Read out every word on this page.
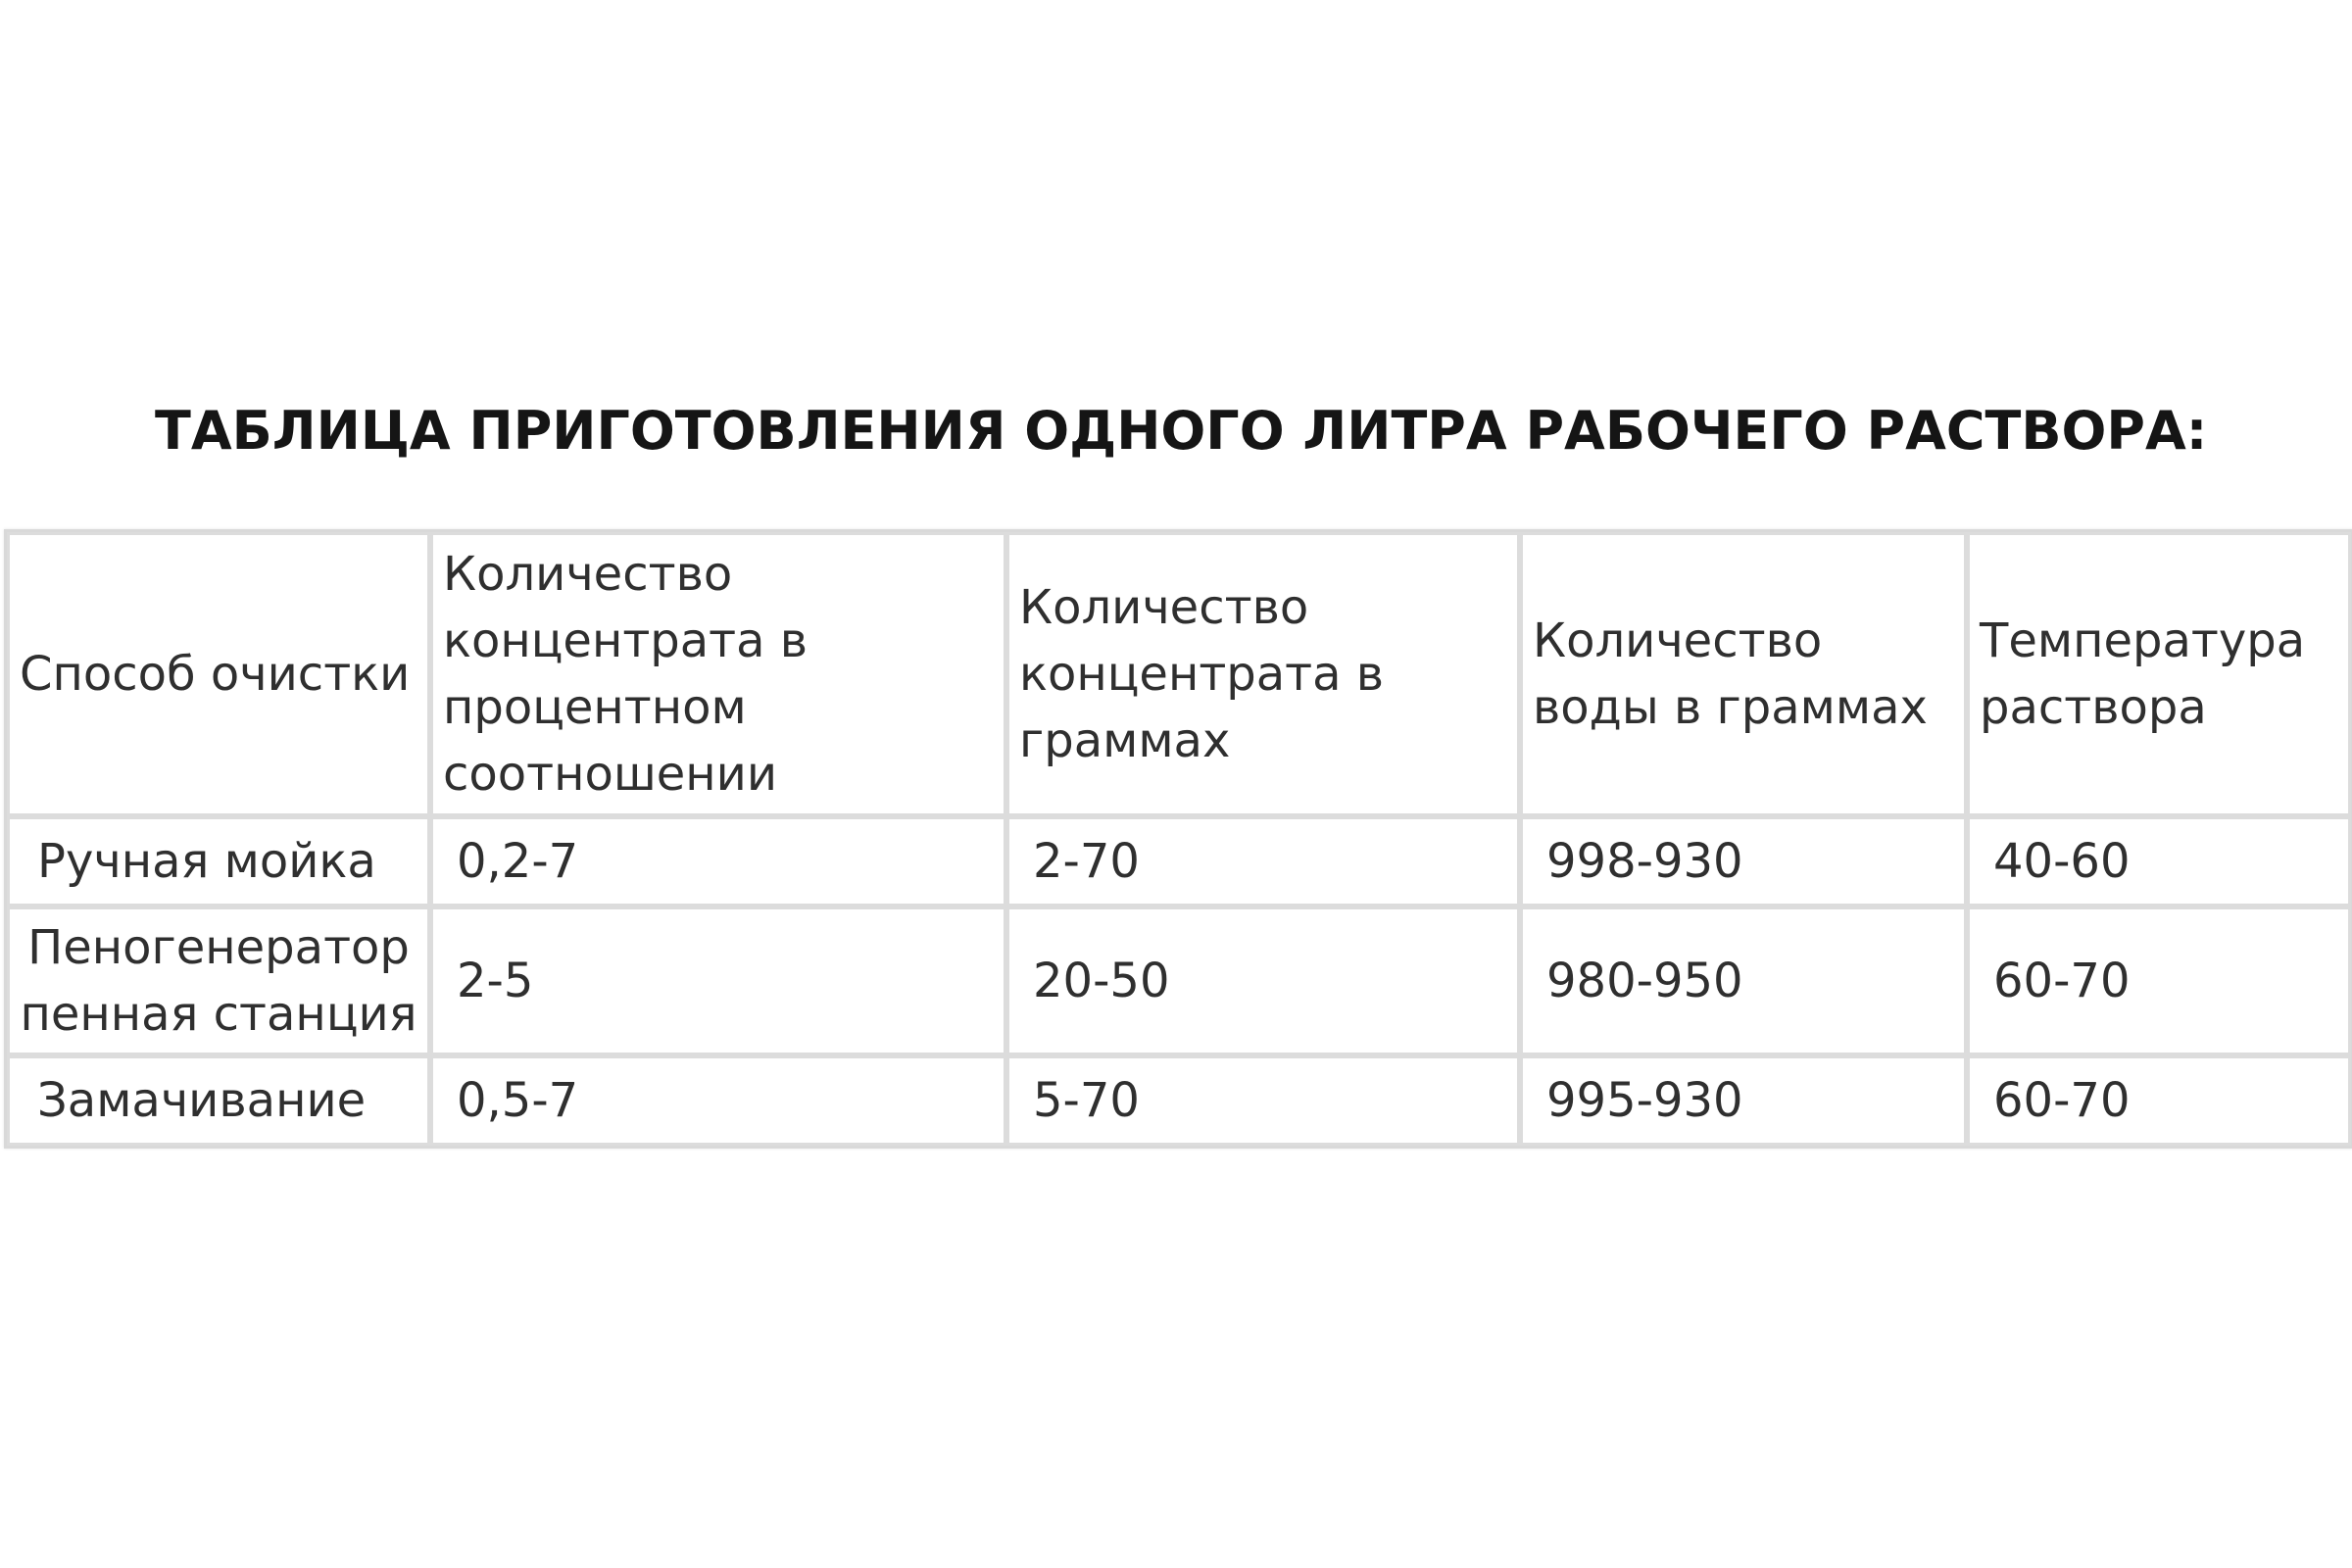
ТАБЛИЦА ПРИГОТОВЛЕНИЯ ОДНОГО ЛИТРА РАБОЧЕГО РАСТВОРА:
Способ очистки	Количество концентрата в процентном соотношении	Количество концентрата в граммах	Количество воды в граммах	Температура раствора

Ручная мойка	0,2-7	2-70	998-930	40-60

Пеногенератор
пенная станция	2-5	20-50	980-950	60-70
Замачивание	0,5-7	5-70	995-930	60-70
